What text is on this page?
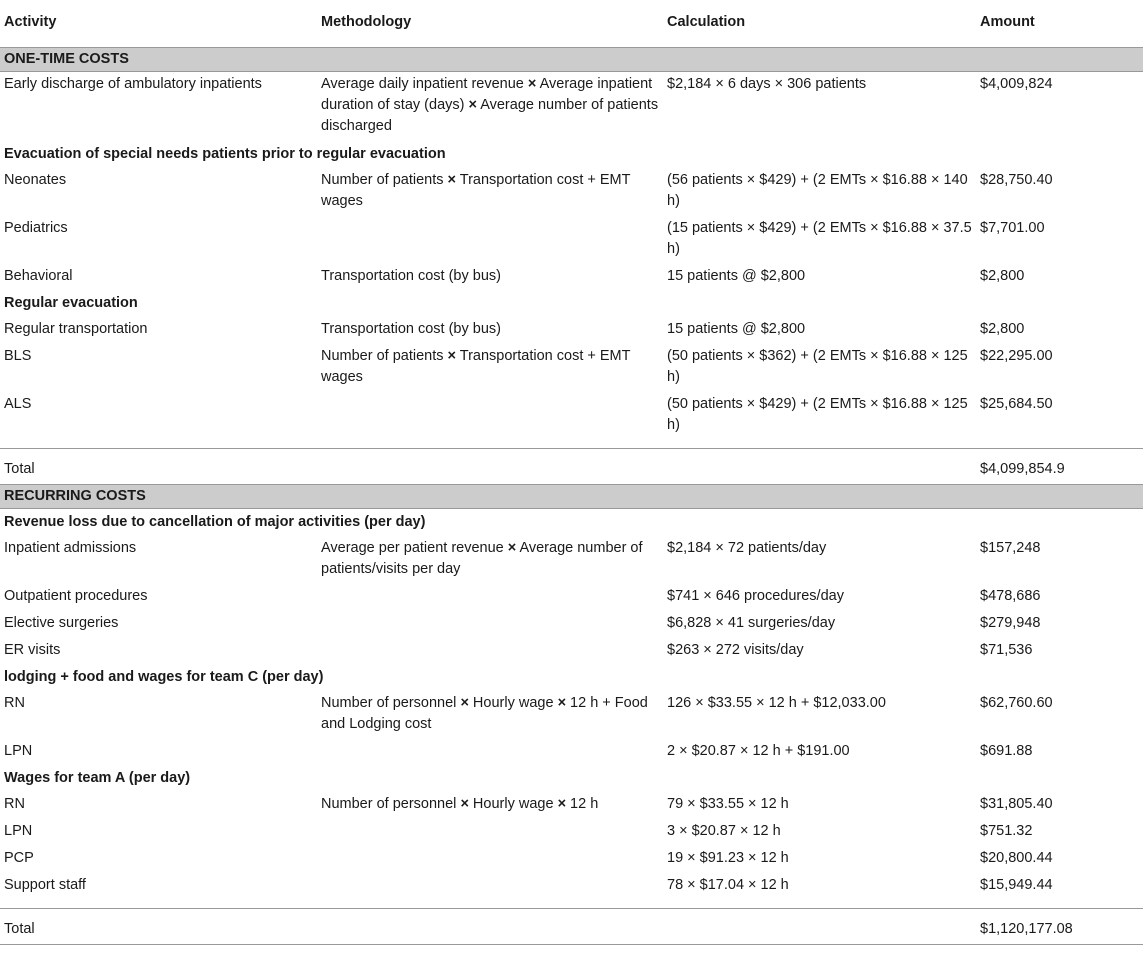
Activity	Methodology	Calculation	Amount
ONE-TIME COSTS			
Early discharge of ambulatory inpatients	Average daily inpatient revenue × Average inpatient duration of stay (days) × Average number of patients discharged	$2,184 × 6 days × 306 patients	$4,009,824
Evacuation of special needs patients prior to regular evacuation			
Neonates	Number of patients × Transportation cost + EMT wages	(56 patients × $429) + (2 EMTs × $16.88 × 140 h)	$28,750.40
Pediatrics		(15 patients × $429) + (2 EMTs × $16.88 × 37.5 h)	$7,701.00
Behavioral	Transportation cost (by bus)	15 patients @ $2,800	$2,800
Regular evacuation			
Regular transportation	Transportation cost (by bus)	15 patients @ $2,800	$2,800
BLS	Number of patients × Transportation cost + EMT wages	(50 patients × $362) + (2 EMTs × $16.88 × 125 h)	$22,295.00
ALS		(50 patients × $429) + (2 EMTs × $16.88 × 125 h)	$25,684.50
Total			$4,099,854.9
RECURRING COSTS			
Revenue loss due to cancellation of major activities (per day)			
Inpatient admissions	Average per patient revenue × Average number of patients/visits per day	$2,184 × 72 patients/day	$157,248
Outpatient procedures		$741 × 646 procedures/day	$478,686
Elective surgeries		$6,828 × 41 surgeries/day	$279,948
ER visits		$263 × 272 visits/day	$71,536
lodging + food and wages for team C (per day)			
RN	Number of personnel × Hourly wage × 12 h + Food and Lodging cost	126 × $33.55 × 12 h + $12,033.00	$62,760.60
LPN		2 × $20.87 × 12 h + $191.00	$691.88
Wages for team A (per day)			
RN	Number of personnel × Hourly wage × 12 h	79 × $33.55 × 12 h	$31,805.40
LPN		3 × $20.87 × 12 h	$751.32
PCP		19 × $91.23 × 12 h	$20,800.44
Support staff		78 × $17.04 × 12 h	$15,949.44
Total			$1,120,177.08
